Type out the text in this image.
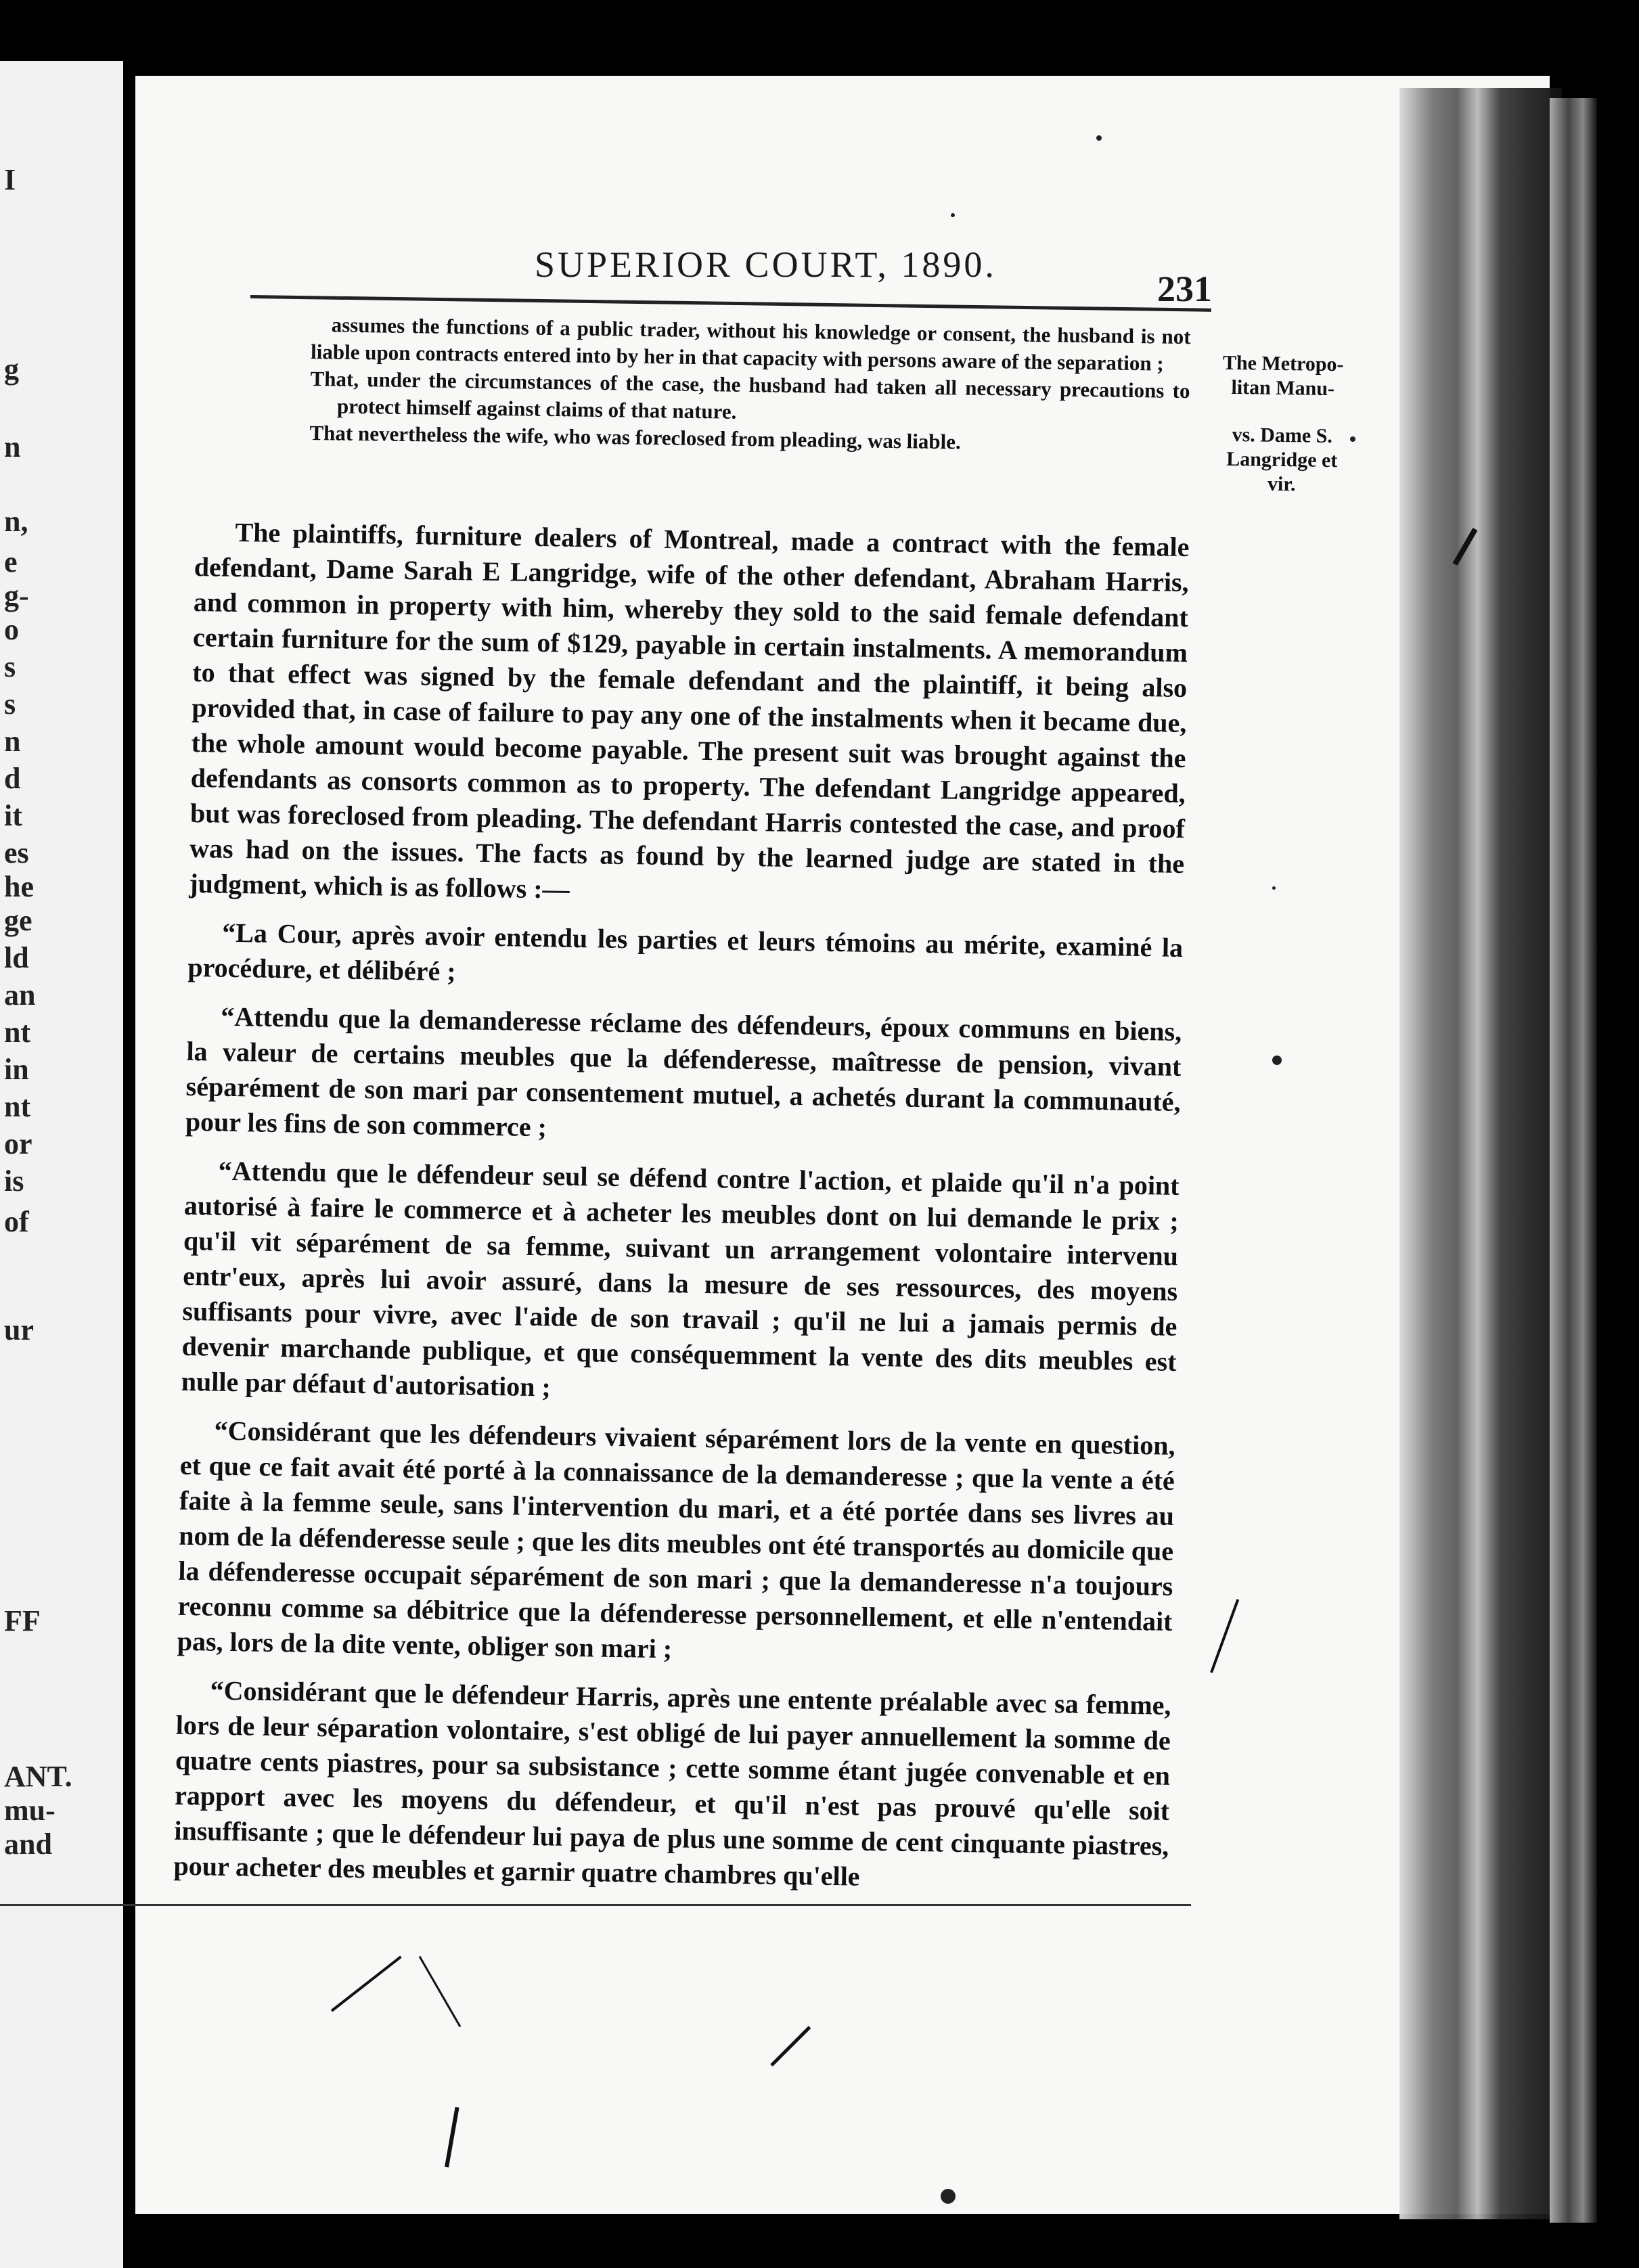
I
g
n
n,
e
g-
o
s
s
n
d
it
es
he
ge
ld
an
nt
in
nt
or
is
of
ur
FF
ANT.
mu-
and
SUPERIOR COURT, 1890.
231

assumes the functions of a public trader, without his knowledge or consent, the husband is not liable upon contracts entered into by her in that capacity with persons aware of the separation ;

That, under the circumstances of the case, the husband had taken all necessary precautions to protect himself against claims of that nature.

That nevertheless the wife, who was foreclosed from pleading, was liable.

The Metropo-
litan Manu-
vs. Dame S.
Langridge et
vir.

The plaintiffs, furniture dealers of Montreal, made a contract with the female defendant, Dame Sarah E Langridge, wife of the other defendant, Abraham Harris, and common in property with him, whereby they sold to the said female defendant certain furniture for the sum of $129, payable in certain instalments. A memorandum to that effect was signed by the female defendant and the plaintiff, it being also provided that, in case of failure to pay any one of the instalments when it became due, the whole amount would become payable. The present suit was brought against the defendants as consorts common as to property. The defendant Langridge appeared, but was foreclosed from pleading. The defendant Harris contested the case, and proof was had on the issues. The facts as found by the learned judge are stated in the judgment, which is as follows :—

“La Cour, après avoir entendu les parties et leurs témoins au mérite, examiné la procédure, et délibéré ;

“Attendu que la demanderesse réclame des défendeurs, époux communs en biens, la valeur de certains meubles que la défenderesse, maîtresse de pension, vivant séparément de son mari par consentement mutuel, a achetés durant la communauté, pour les fins de son commerce ;

“Attendu que le défendeur seul se défend contre l'action, et plaide qu'il n'a point autorisé à faire le commerce et à acheter les meubles dont on lui demande le prix ; qu'il vit séparément de sa femme, suivant un arrangement volontaire intervenu entr'eux, après lui avoir assuré, dans la mesure de ses ressources, des moyens suffisants pour vivre, avec l'aide de son travail ; qu'il ne lui a jamais permis de devenir marchande publique, et que conséquemment la vente des dits meubles est nulle par défaut d'autorisation ;

“Considérant que les défendeurs vivaient séparément lors de la vente en question, et que ce fait avait été porté à la connaissance de la demanderesse ; que la vente a été faite à la femme seule, sans l'intervention du mari, et a été portée dans ses livres au nom de la défenderesse seule ; que les dits meubles ont été transportés au domicile que la défenderesse occupait séparément de son mari ; que la demanderesse n'a toujours reconnu comme sa débitrice que la défenderesse personnellement, et elle n'entendait pas, lors de la dite vente, obliger son mari ;

“Considérant que le défendeur Harris, après une entente préalable avec sa femme, lors de leur séparation volontaire, s'est obligé de lui payer annuellement la somme de quatre cents piastres, pour sa subsistance ; cette somme étant jugée convenable et en rapport avec les moyens du défendeur, et qu'il n'est pas prouvé qu'elle soit insuffisante ; que le défendeur lui paya de plus une somme de cent cinquante piastres, pour acheter des meubles et garnir quatre chambres qu'elle
